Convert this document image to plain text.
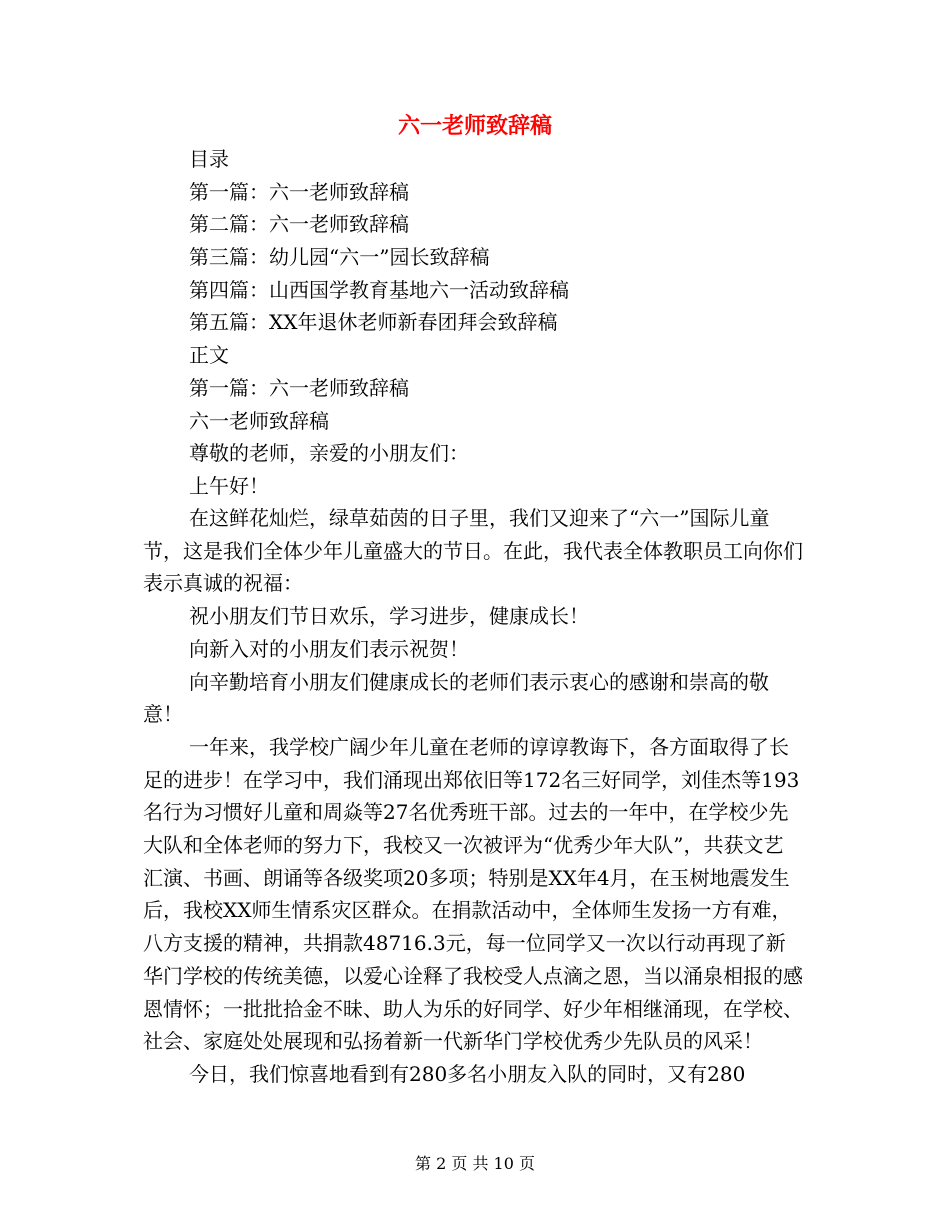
六一老师致辞稿
目录
第一篇：六一老师致辞稿
第二篇：六一老师致辞稿
第三篇：幼儿园“六一”园长致辞稿
第四篇：山西国学教育基地六一活动致辞稿
第五篇：XX年退休老师新春团拜会致辞稿
正文
第一篇：六一老师致辞稿
六一老师致辞稿
尊敬的老师，亲爱的小朋友们：
上午好！

在这鲜花灿烂，绿草茹茵的日子里，我们又迎来了“六一”国际儿童节，这是我们全体少年儿童盛大的节日。在此，我代表全体教职员工向你们表示真诚的祝福：

祝小朋友们节日欢乐，学习进步，健康成长！

向新入对的小朋友们表示祝贺！

向辛勤培育小朋友们健康成长的老师们表示衷心的感谢和崇高的敬意！

一年来，我学校广阔少年儿童在老师的谆谆教诲下，各方面取得了长足的进步！在学习中，我们涌现出郑依旧等172名三好同学，刘佳杰等193名行为习惯好儿童和周焱等27名优秀班干部。过去的一年中，在学校少先大队和全体老师的努力下，我校又一次被评为“优秀少年大队”，共获文艺汇演、书画、朗诵等各级奖项20多项；特别是XX年4月，在玉树地震发生后，我校XX师生情系灾区群众。在捐款活动中，全体师生发扬一方有难，八方支援的精神，共捐款48716.3元，每一位同学又一次以行动再现了新华门学校的传统美德，以爱心诠释了我校受人点滴之恩，当以涌泉相报的感恩情怀；一批批拾金不昧、助人为乐的好同学、好少年相继涌现，在学校、社会、家庭处处展现和弘扬着新一代新华门学校优秀少先队员的风采！

今日，我们惊喜地看到有280多名小朋友入队的同时，又有280

第 2 页 共 10 页
